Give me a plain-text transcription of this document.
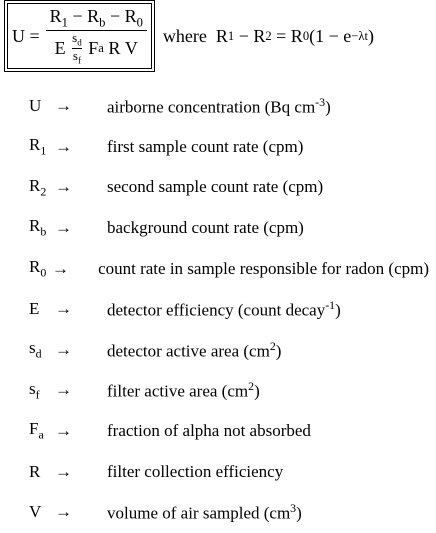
U =
$R_1 - R_b - R_0$
E $\frac{s_d}{s_f}$ F a R V
where  R 1 − R 2 = R 0 (1 − e −λt )
U →	airborne concentration (Bq $cm^{-3}$)
$R_1$ →	first sample count rate (cpm)
$R_2$ →	second sample count rate (cpm)
$R_b$ →	background count rate (cpm)
$R_0$ →	count rate in sample responsible for radon (cpm)
E →	detector efficiency (count decay$^{-1}$)
$s_d$ →	detector active area $(cm^2)$
$s_f$ →	filter active area $(cm^2)$
$F_a$ →	fraction of alpha not absorbed
R →	filter collection efficiency
V →	volume of air sampled $(cm^3)$
